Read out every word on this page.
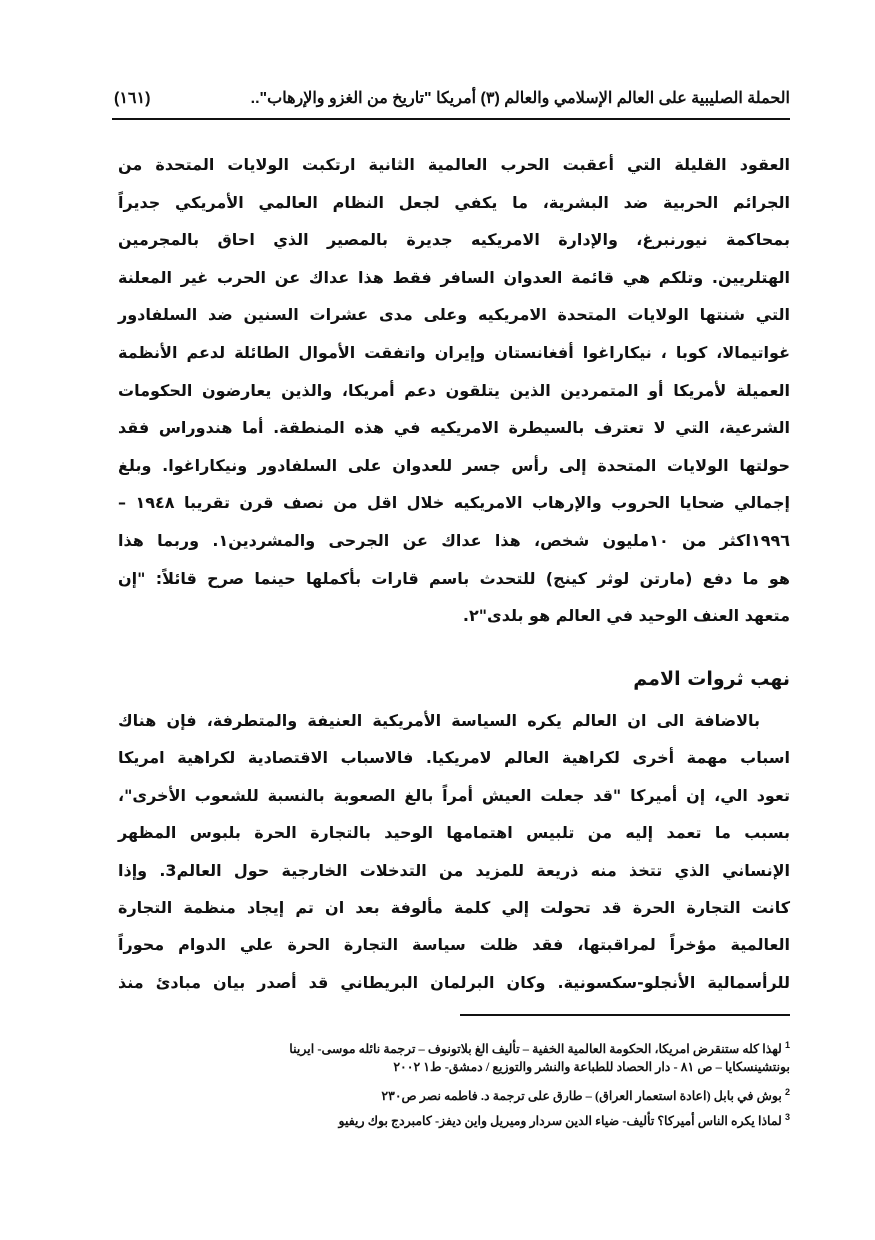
الحملة الصليبية على العالم الإسلامي والعالم (٣) أمريكا "تاريخ من الغزو والإرهاب"..
(١٦١)
العقود القليلة التي أعقبت الحرب العالمية الثانية ارتكبت الولايات المتحدة من
الجرائم الحربية ضد البشرية، ما يكفي لجعل النظام العالمي الأمريكي جديراً
بمحاكمة نيورنبرغ، والإدارة الامريكيه جديرة بالمصير الذي احاق بالمجرمين
الهتلريين. وتلكم هي قائمة العدوان السافر فقط هذا عداك عن الحرب غير المعلنة
التي شنتها الولايات المتحدة الامريكيه وعلى مدى عشرات السنين ضد السلفادور
غواتيمالا، كوبا ، نيكاراغوا أفغانستان وإيران واتفقت الأموال الطائلة لدعم الأنظمة
العميلة لأمريكا أو المتمردين الذين يتلقون دعم أمريكا، والذين يعارضون الحكومات
الشرعية، التي لا تعترف بالسيطرة الامريكيه في هذه المنطقة. أما هندوراس فقد
حولتها الولايات المتحدة إلى رأس جسر للعدوان على السلفادور ونيكاراغوا. وبلغ
إجمالي ضحايا الحروب والإرهاب الامريكيه خلال اقل من نصف قرن تقريبا ١٩٤٨ –
١٩٩٦اكثر من ١٠مليون شخص، هذا عداك عن الجرحى والمشردين١. وربما هذا
هو ما دفع (مارتن لوثر كينج) للتحدث باسم قارات بأكملها حينما صرح قائلاً: "إن
متعهد العنف الوحيد في العالم هو بلدى"٢.
نهب ثروات الامم
بالاضافة الى ان العالم يكره السياسة الأمريكية العنيفة والمتطرفة، فإن هناك
اسباب مهمة أخرى لكراهية العالم لامريكيا. فالاسباب الاقتصادية لكراهية امريكا
تعود الي، إن أميركا "قد جعلت العيش أمراً بالغ الصعوبة بالنسبة للشعوب الأخرى"،
بسبب ما تعمد إليه من تلبيس اهتمامها الوحيد بالتجارة الحرة بلبوس المظهر
الإنساني الذي تتخذ منه ذريعة للمزيد من التدخلات الخارجية حول العالم3. وإذا
كانت التجارة الحرة قد تحولت إلي كلمة مألوفة بعد ان تم إيجاد منظمة التجارة
العالمية مؤخراً لمراقبتها، فقد ظلت سياسة التجارة الحرة علي الدوام محوراً
للرأسمالية الأنجلو-سكسونية. وكان البرلمان البريطاني قد أصدر بيان مبادئ منذ
$^1$ لهذا كله ستنقرض امريكا، الحكومة العالمية الخفية – تأليف الغ بلاتونوف – ترجمة نائله موسى- ايرينا
بونتشينسكايا – ص ٨١ - دار الحصاد للطباعة والنشر والتوزيع / دمشق- ط١ ٢٠٠٢
$^2$ بوش في بابل (اعادة استعمار العراق) – طارق على ترجمة د. فاطمه نصر ص٢٣٠
$^3$ لماذا يكره الناس أميركا؟ تأليف- ضياء الدين سردار وميريل واين ديفز- كامبردج بوك ريفيو
